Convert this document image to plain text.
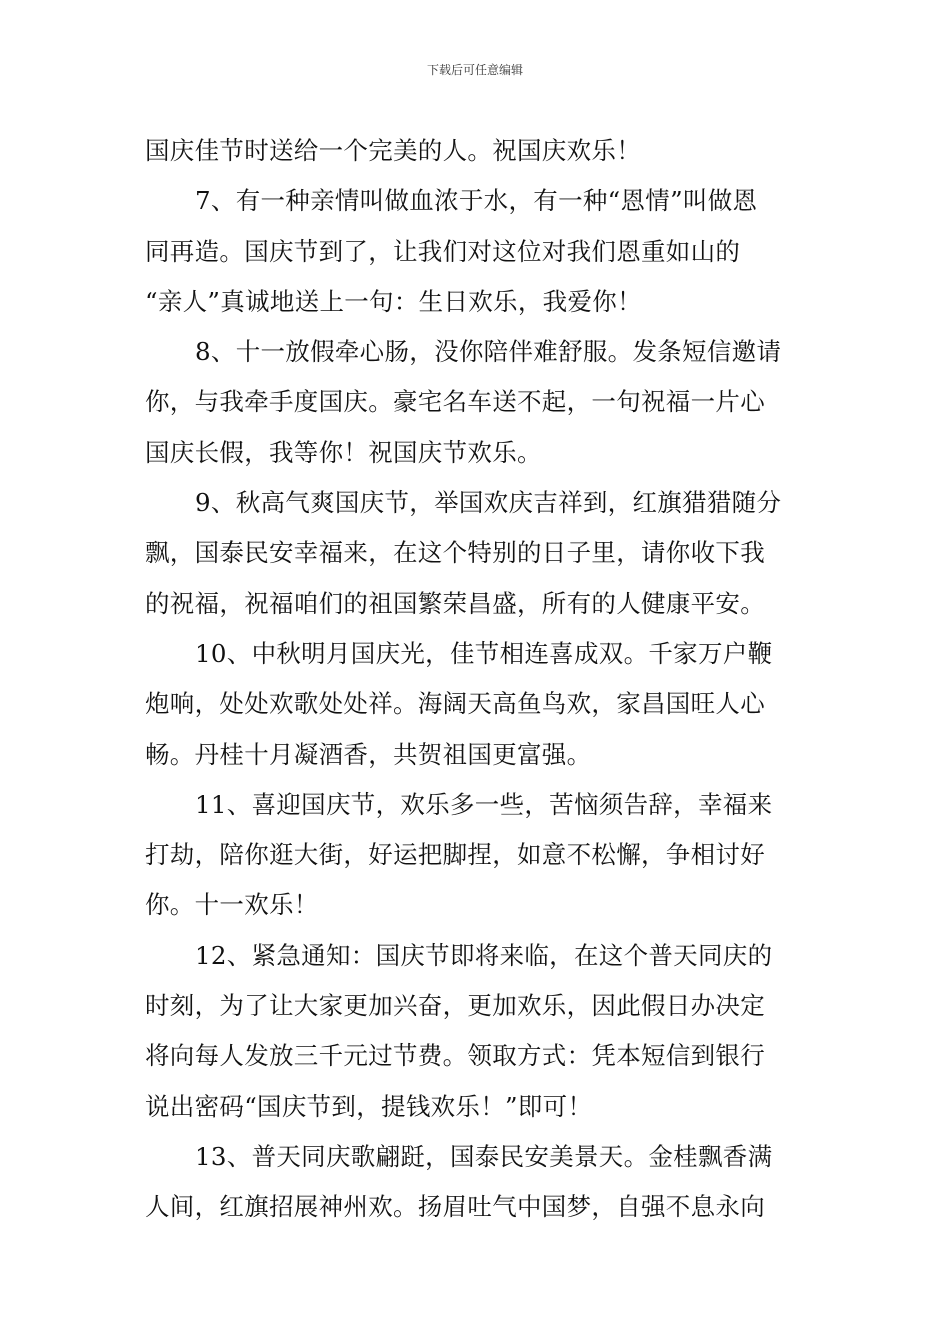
下载后可任意编辑
国庆佳节时送给一个完美的人。祝国庆欢乐！
7、有一种亲情叫做血浓于水，有一种“恩情”叫做恩
同再造。国庆节到了，让我们对这位对我们恩重如山的
“亲人”真诚地送上一句：生日欢乐，我爱你！
8、十一放假牵心肠，没你陪伴难舒服。发条短信邀请
你，与我牵手度国庆。豪宅名车送不起，一句祝福一片心
国庆长假，我等你！祝国庆节欢乐。
9、秋高气爽国庆节，举国欢庆吉祥到，红旗猎猎随分
飘，国泰民安幸福来，在这个特别的日子里，请你收下我
的祝福，祝福咱们的祖国繁荣昌盛，所有的人健康平安。
10、中秋明月国庆光，佳节相连喜成双。千家万户鞭
炮响，处处欢歌处处祥。海阔天高鱼鸟欢，家昌国旺人心
畅。丹桂十月凝酒香，共贺祖国更富强。
11、喜迎国庆节，欢乐多一些，苦恼须告辞，幸福来
打劫，陪你逛大街，好运把脚捏，如意不松懈，争相讨好
你。十一欢乐！
12、紧急通知：国庆节即将来临，在这个普天同庆的
时刻，为了让大家更加兴奋，更加欢乐，因此假日办决定
将向每人发放三千元过节费。领取方式：凭本短信到银行
说出密码“国庆节到，提钱欢乐！”即可！
13、普天同庆歌翩跹，国泰民安美景天。金桂飘香满
人间，红旗招展神州欢。扬眉吐气中国梦，自强不息永向
